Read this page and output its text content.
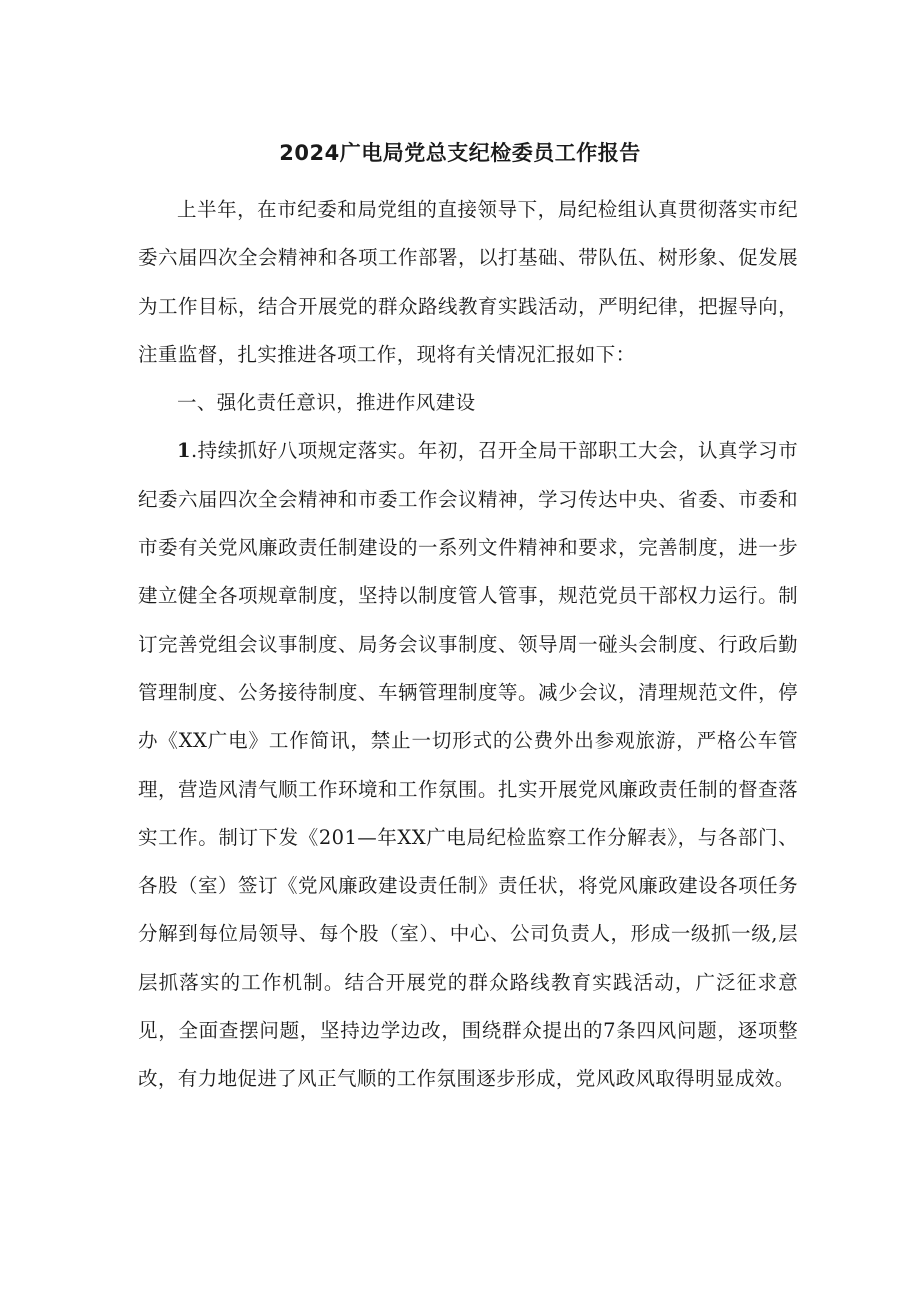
2024广电局党总支纪检委员工作报告

上半年，在市纪委和局党组的直接领导下，局纪检组认真贯彻落实市纪委六届四次全会精神和各项工作部署，以打基础、带队伍、树形象、促发展为工作目标，结合开展党的群众路线教育实践活动，严明纪律，把握导向，注重监督，扎实推进各项工作，现将有关情况汇报如下：

一、强化责任意识，推进作风建设

1.持续抓好八项规定落实。年初，召开全局干部职工大会，认真学习市纪委六届四次全会精神和市委工作会议精神，学习传达中央、省委、市委和市委有关党风廉政责任制建设的一系列文件精神和要求，完善制度，进一步建立健全各项规章制度，坚持以制度管人管事，规范党员干部权力运行。制订完善党组会议事制度、局务会议事制度、领导周一碰头会制度、行政后勤管理制度、公务接待制度、车辆管理制度等。减少会议，清理规范文件，停办《XX广电》工作简讯，禁止一切形式的公费外出参观旅游，严格公车管理，营造风清气顺工作环境和工作氛围。扎实开展党风廉政责任制的督查落实工作。制订下发《201—年XX广电局纪检监察工作分解表》，与各部门、各股（室）签订《党风廉政建设责任制》责任状，将党风廉政建设各项任务分解到每位局领导、每个股（室）、中心、公司负责人，形成一级抓一级,层层抓落实的工作机制。结合开展党的群众路线教育实践活动，广泛征求意见，全面查摆问题，坚持边学边改，围绕群众提出的7条四风问题，逐项整改，有力地促进了风正气顺的工作氛围逐步形成，党风政风取得明显成效。
